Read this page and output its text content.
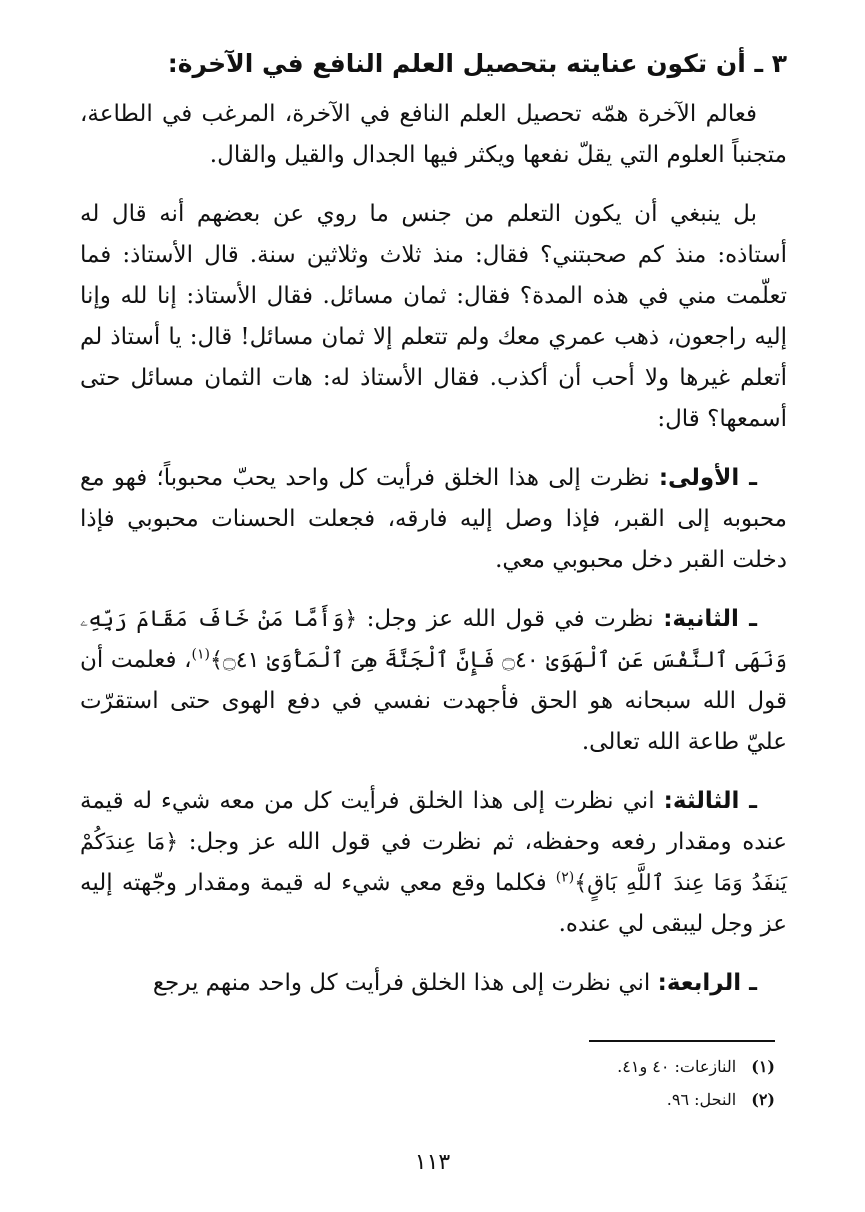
٣ ـ أن تكون عنايته بتحصيل العلم النافع في الآخرة:

فعالم الآخرة همّه تحصيل العلم النافع في الآخرة، المرغب في الطاعة، متجنباً العلوم التي يقلّ نفعها ويكثر فيها الجدال والقيل والقال.

بل ينبغي أن يكون التعلم من جنس ما روي عن بعضهم أنه قال له أستاذه: منذ كم صحبتني؟ فقال: منذ ثلاث وثلاثين سنة. قال الأستاذ: فما تعلّمت مني في هذه المدة؟ فقال: ثمان مسائل. فقال الأستاذ: إنا لله وإنا إليه راجعون، ذهب عمري معك ولم تتعلم إلا ثمان مسائل! قال: يا أستاذ لم أتعلم غيرها ولا أحب أن أكذب. فقال الأستاذ له: هات الثمان مسائل حتى أسمعها؟ قال:

ـ الأولى: نظرت إلى هذا الخلق فرأيت كل واحد يحبّ محبوباً؛ فهو مع محبوبه إلى القبر، فإذا وصل إليه فارقه، فجعلت الحسنات محبوبي فإذا دخلت القبر دخل محبوبي معي.

ـ الثانية: نظرت في قول الله عز وجل: ﴿وَأَمَّا مَنْ خَافَ مَقَامَ رَبِّهِۦ وَنَهَى ٱلنَّفْسَ عَنِ ٱلْهَوَىٰ ۝٤٠ فَإِنَّ ٱلْجَنَّةَ هِىَ ٱلْمَأْوَىٰ ۝٤١﴾$^{(١)}$، فعلمت أن قول الله سبحانه هو الحق فأجهدت نفسي في دفع الهوى حتى استقرّت عليّ طاعة الله تعالى.

ـ الثالثة: اني نظرت إلى هذا الخلق فرأيت كل من معه شيء له قيمة عنده ومقدار رفعه وحفظه، ثم نظرت في قول الله عز وجل: ﴿مَا عِندَكُمْ يَنفَدُ وَمَا عِندَ ٱللَّهِ بَاقٍ﴾$^{(٢)}$ فكلما وقع معي شيء له قيمة ومقدار وجّهته إليه عز وجل ليبقى لي عنده.

ـ الرابعة: اني نظرت إلى هذا الخلق فرأيت كل واحد منهم يرجع

(١) النازعات: ٤٠ و٤١.
(٢) النحل: ٩٦.
١١٣
